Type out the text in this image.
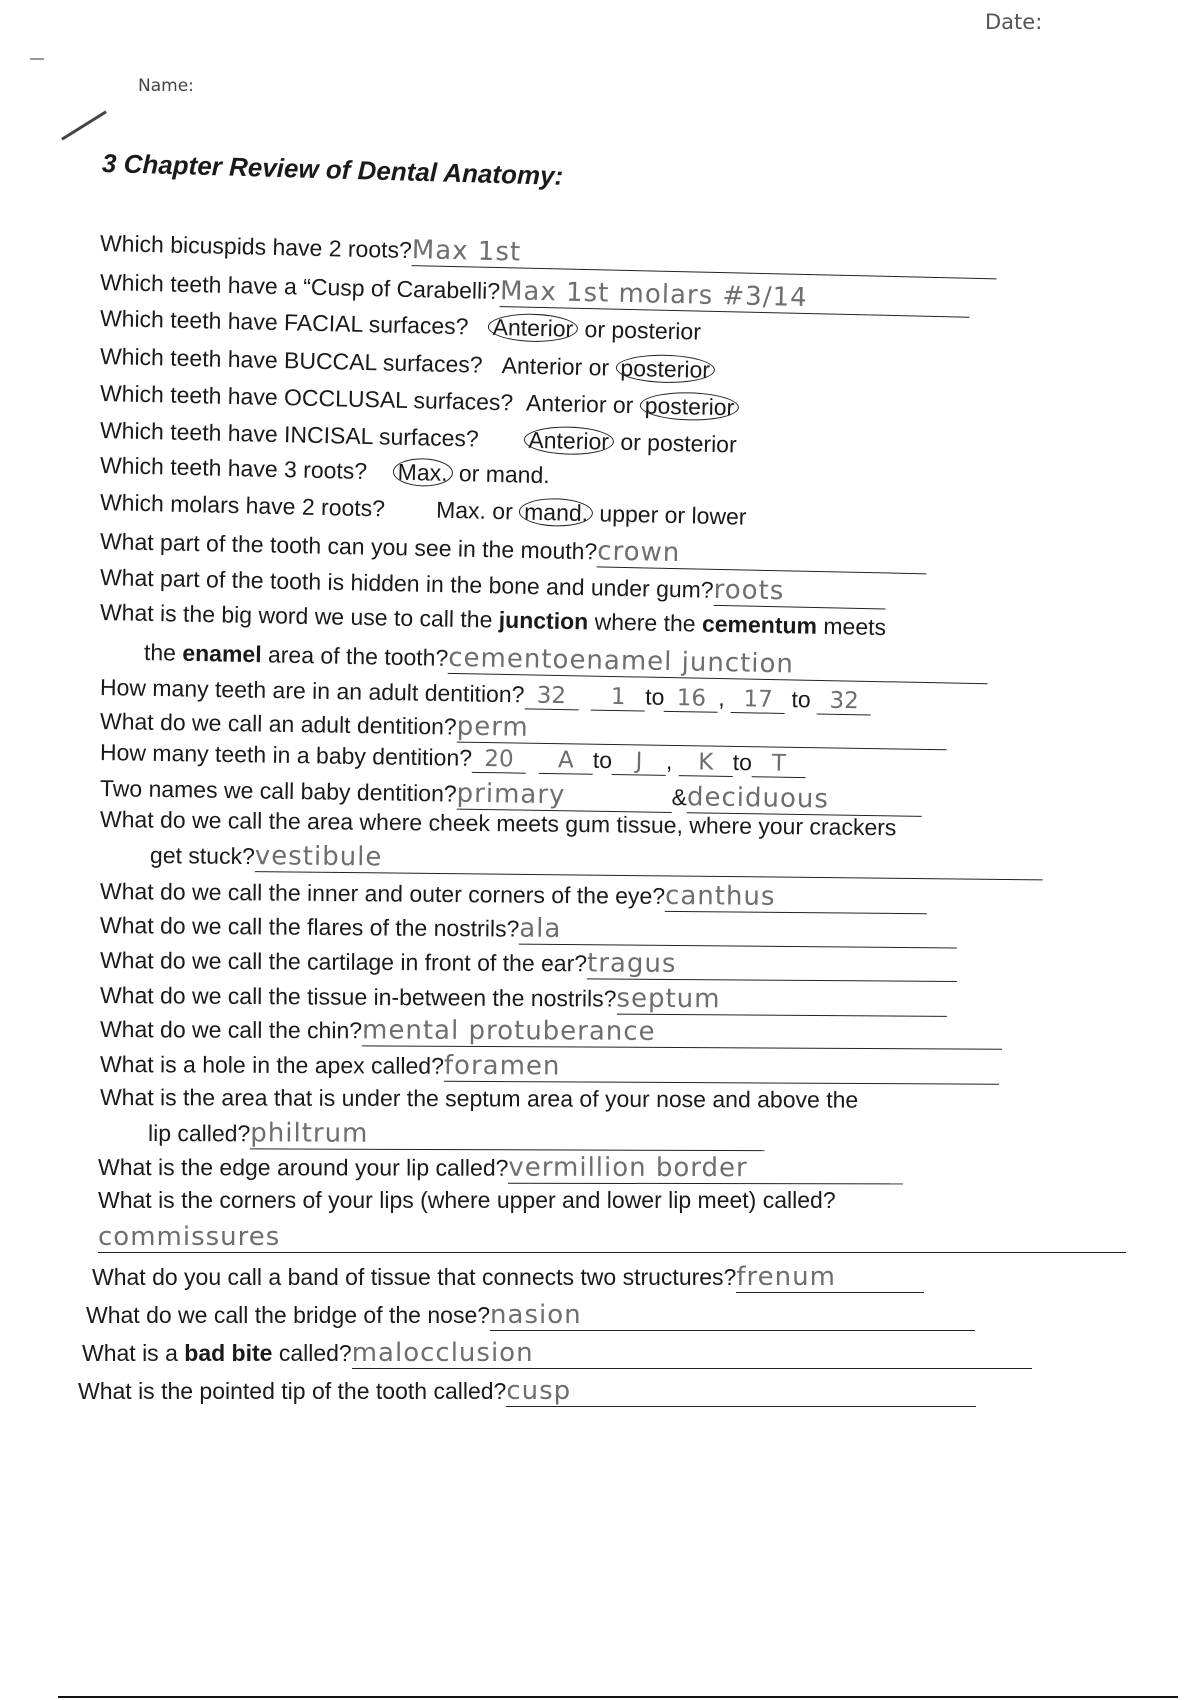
Date:
Name:
3 Chapter Review of Dental Anatomy:
Which bicuspids have 2 roots?Max 1st
Which teeth have a “Cusp of Carabelli?Max 1st molars #3/14
Which teeth have FACIAL surfaces? Anterior or posterior
Which teeth have BUCCAL surfaces? Anterior or posterior
Which teeth have OCCLUSAL surfaces? Anterior or posterior
Which teeth have INCISAL surfaces? Anterior or posterior
Which teeth have 3 roots? Max. or mand.
Which molars have 2 roots? Max. or mand. upper or lower
What part of the tooth can you see in the mouth?crown
What part of the tooth is hidden in the bone and under gum?roots
What is the big word we use to call the junction where the cementum meets
the enamel area of the tooth?cementoenamel junction
How many teeth are in an adult dentition? 32 1 to 16 , 17 to 32
What do we call an adult dentition?perm
How many teeth in a baby dentition? 20 A to J , K to T
Two names we call baby dentition?primary	&deciduous
What do we call the area where cheek meets gum tissue, where your crackers
get stuck?vestibule
What do we call the inner and outer corners of the eye?canthus
What do we call the flares of the nostrils?ala
What do we call the cartilage in front of the ear?tragus
What do we call the tissue in-between the nostrils?septum
What do we call the chin?mental protuberance
What is a hole in the apex called?foramen
What is the area that is under the septum area of your nose and above the
lip called?philtrum
What is the edge around your lip called?vermillion border
What is the corners of your lips (where upper and lower lip meet) called?
commissures
What do you call a band of tissue that connects two structures?frenum
What do we call the bridge of the nose?nasion
What is a bad bite called?malocclusion
What is the pointed tip of the tooth called?cusp
